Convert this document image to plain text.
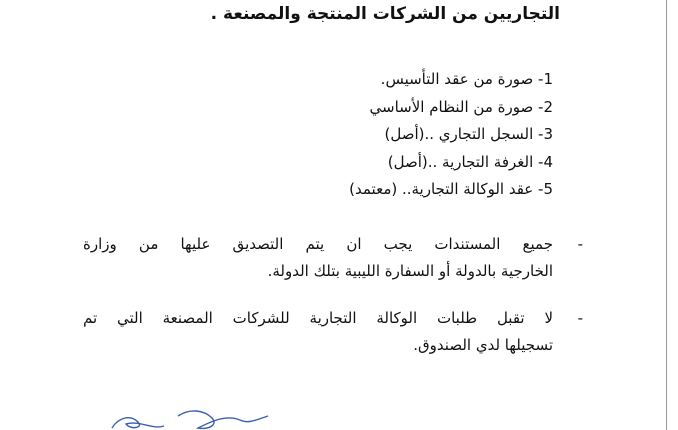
التجاريين من الشركات المنتجة والمصنعة .
1- صورة من عقد التأسيس.
2- صورة من النظام الأساسي
3- السجل التجاري ..(أصل)
4- الغرفة التجارية ..(أصل)
5- عقد الوكالة التجارية.. (معتمد)
-
جميع المستندات يجب ان يتم التصديق عليها من وزارة
الخارجية بالدولة أو السفارة الليبية بتلك الدولة.
-
لا تقبل طلبات الوكالة التجارية للشركات المصنعة التي تم
تسجيلها لدي الصندوق.
